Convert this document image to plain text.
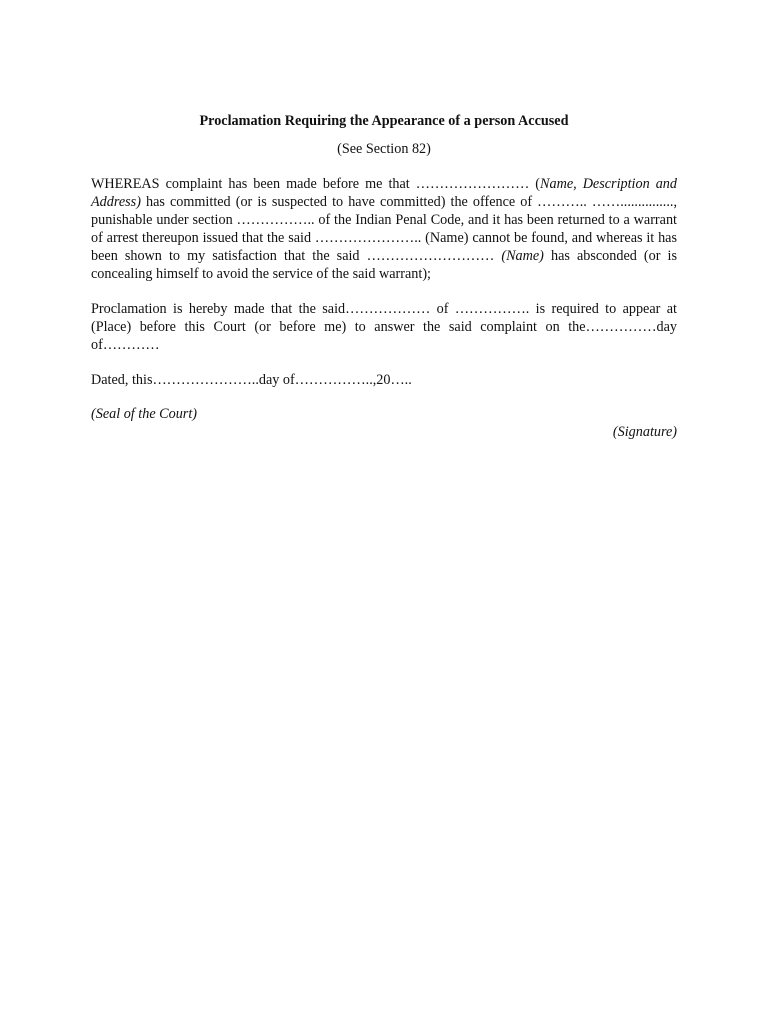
Proclamation Requiring the Appearance of a person Accused

(See Section 82)

WHEREAS complaint has been made before me that …………………… (Name, Description and Address) has committed (or is suspected to have committed) the offence of ……….. ……..............., punishable under section …………….. of the Indian Penal Code, and it has been returned to a warrant of arrest thereupon issued that the said ………………….. (Name) cannot be found, and whereas it has been shown to my satisfaction that the said ……………………… (Name) has absconded (or is concealing himself to avoid the service of the said warrant);

Proclamation is hereby made that the said……………… of ……………. is required to appear at (Place) before this Court (or before me) to answer the said complaint on the……………day of…………

Dated, this…………………..day of……………..,20…..

(Seal of the Court)

(Signature)
